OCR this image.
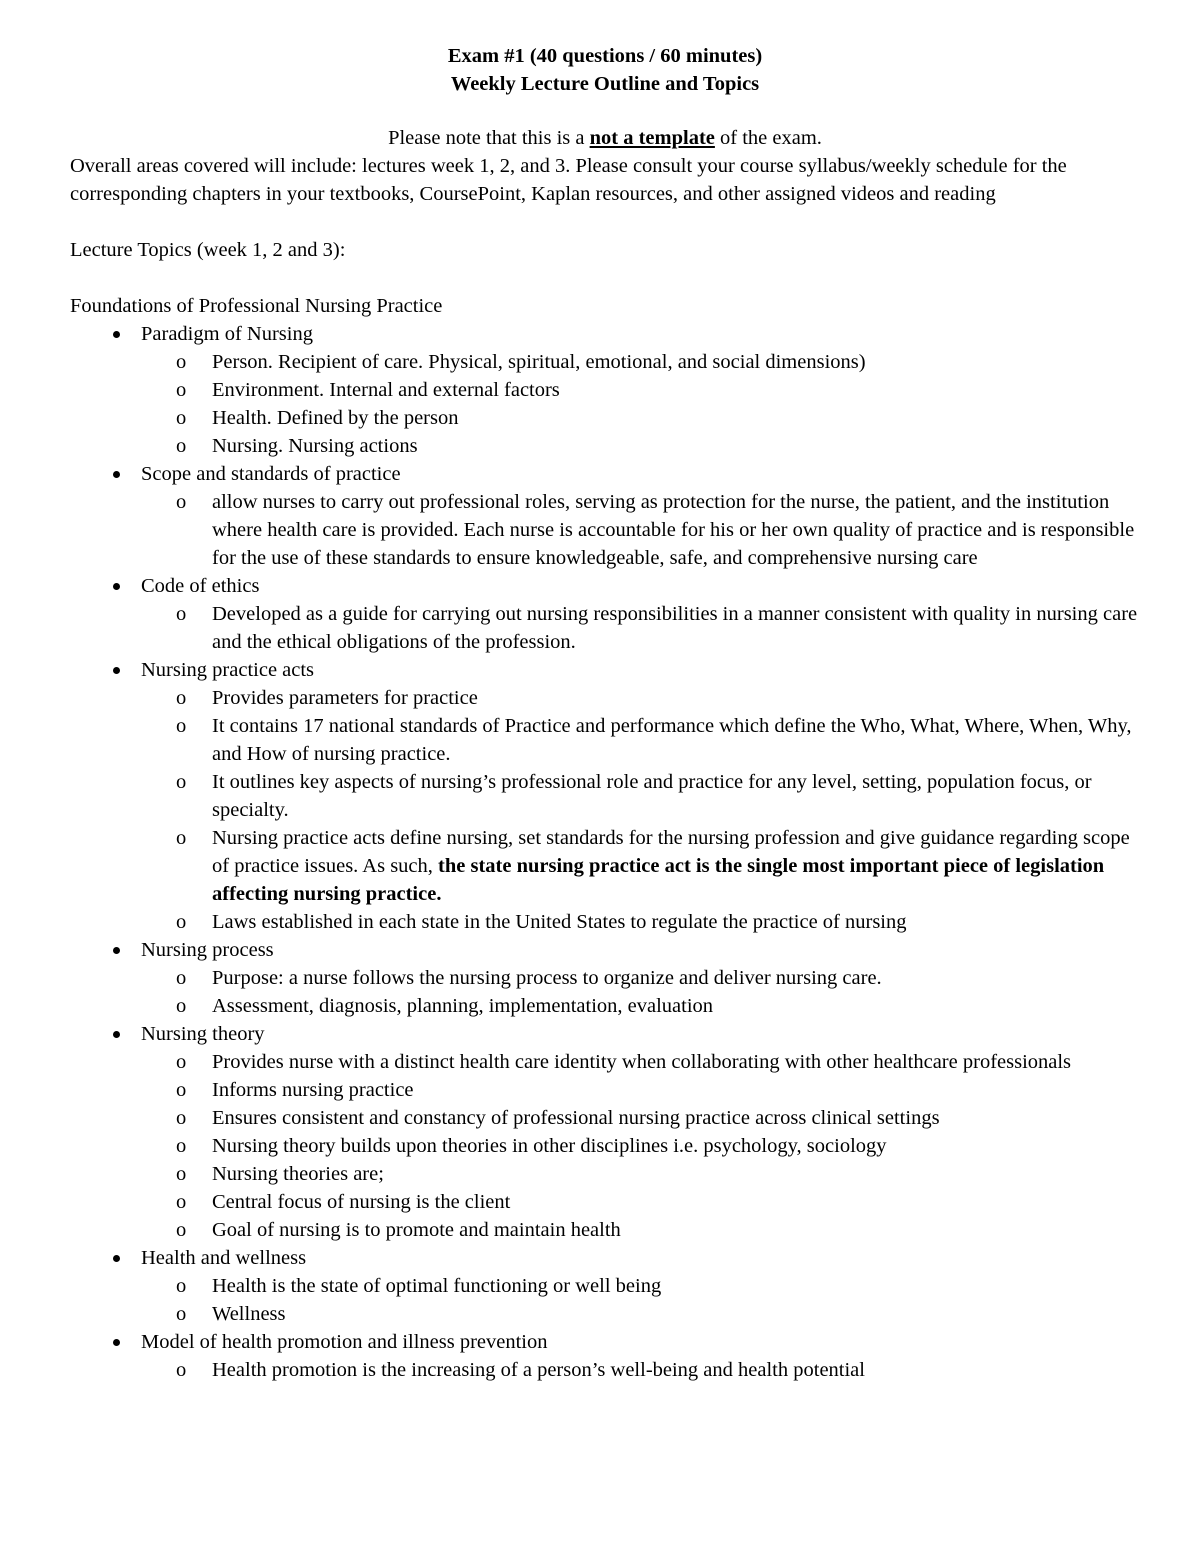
Exam #1 (40 questions / 60 minutes)

Weekly Lecture Outline and Topics

Please note that this is a not a template of the exam.

Overall areas covered will include: lectures week 1, 2, and 3. Please consult your course syllabus/weekly schedule for the corresponding chapters in your textbooks, CoursePoint, Kaplan resources, and other assigned videos and reading

Lecture Topics (week 1, 2 and 3):
Foundations of Professional Nursing Practice
Paradigm of Nursing
o Person. Recipient of care. Physical, spiritual, emotional, and social dimensions)
o Environment. Internal and external factors
o Health. Defined by the person
o Nursing. Nursing actions
Scope and standards of practice
o allow nurses to carry out professional roles, serving as protection for the nurse, the patient, and the institution where health care is provided. Each nurse is accountable for his or her own quality of practice and is responsible for the use of these standards to ensure knowledgeable, safe, and comprehensive nursing care
Code of ethics
o Developed as a guide for carrying out nursing responsibilities in a manner consistent with quality in nursing care and the ethical obligations of the profession.
Nursing practice acts
o Provides parameters for practice
o It contains 17 national standards of Practice and performance which define the Who, What, Where, When, Why, and How of nursing practice.
o It outlines key aspects of nursing’s professional role and practice for any level, setting, population focus, or specialty.
o Nursing practice acts define nursing, set standards for the nursing profession and give guidance regarding scope of practice issues. As such, the state nursing practice act is the single most important piece of legislation affecting nursing practice.
o Laws established in each state in the United States to regulate the practice of nursing
Nursing process
o Purpose: a nurse follows the nursing process to organize and deliver nursing care.
o Assessment, diagnosis, planning, implementation, evaluation
Nursing theory
o Provides nurse with a distinct health care identity when collaborating with other healthcare professionals
o Informs nursing practice
o Ensures consistent and constancy of professional nursing practice across clinical settings
o Nursing theory builds upon theories in other disciplines i.e. psychology, sociology
o Nursing theories are;
o Central focus of nursing is the client
o Goal of nursing is to promote and maintain health
Health and wellness
o Health is the state of optimal functioning or well being
o Wellness
Model of health promotion and illness prevention
o Health promotion is the increasing of a person’s well-being and health potential
